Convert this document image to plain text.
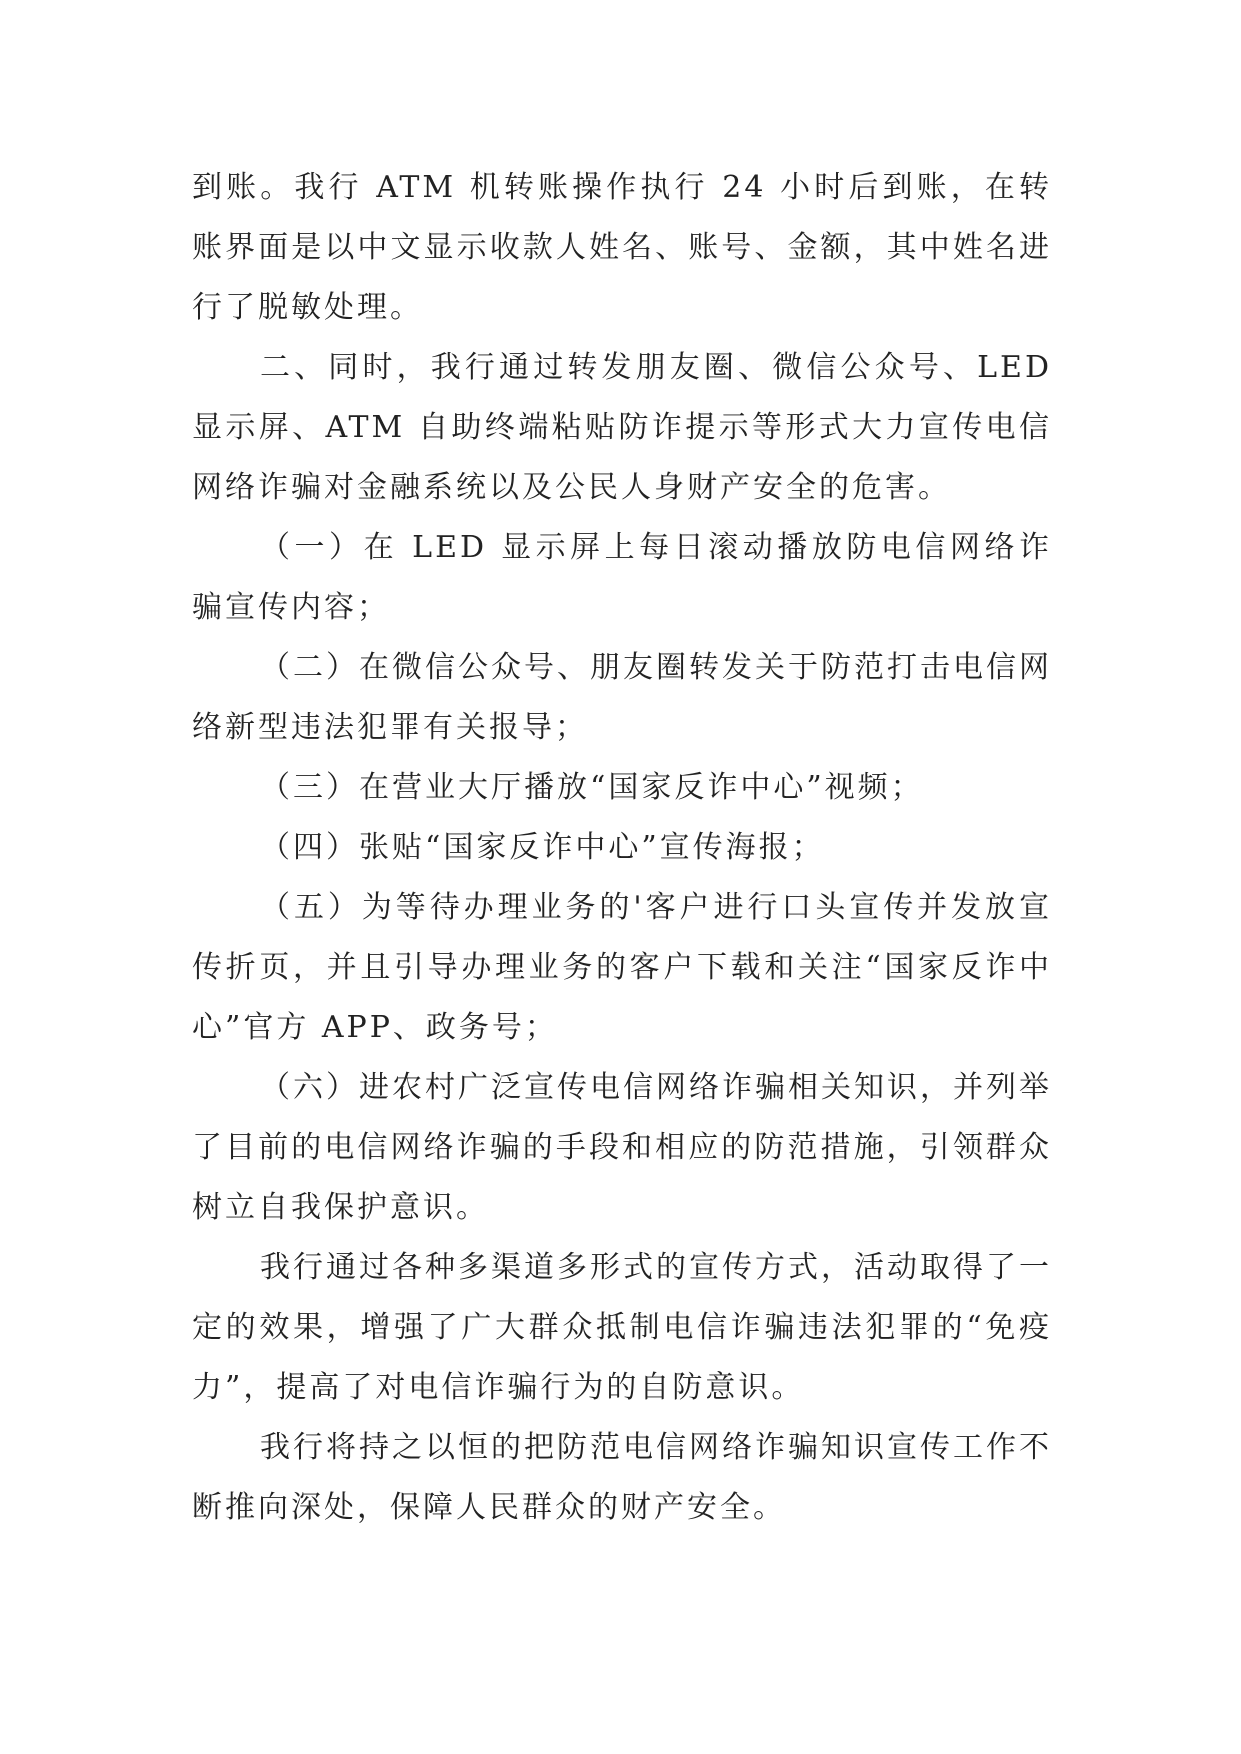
到账。我行 ATM 机转账操作执行 24 小时后到账，在转账界面是以中文显示收款人姓名、账号、金额，其中姓名进行了脱敏处理。

二、同时，我行通过转发朋友圈、微信公众号、LED 显示屏、ATM 自助终端粘贴防诈提示等形式大力宣传电信网络诈骗对金融系统以及公民人身财产安全的危害。

（一）在 LED 显示屏上每日滚动播放防电信网络诈骗宣传内容；

（二）在微信公众号、朋友圈转发关于防范打击电信网络新型违法犯罪有关报导；

（三）在营业大厅播放“国家反诈中心”视频；

（四）张贴“国家反诈中心”宣传海报；

（五）为等待办理业务的'客户进行口头宣传并发放宣传折页，并且引导办理业务的客户下载和关注“国家反诈中心”官方 APP、政务号；

（六）进农村广泛宣传电信网络诈骗相关知识，并列举了目前的电信网络诈骗的手段和相应的防范措施，引领群众树立自我保护意识。

我行通过各种多渠道多形式的宣传方式，活动取得了一定的效果，增强了广大群众抵制电信诈骗违法犯罪的“免疫力”，提高了对电信诈骗行为的自防意识。

我行将持之以恒的把防范电信网络诈骗知识宣传工作不断推向深处，保障人民群众的财产安全。
